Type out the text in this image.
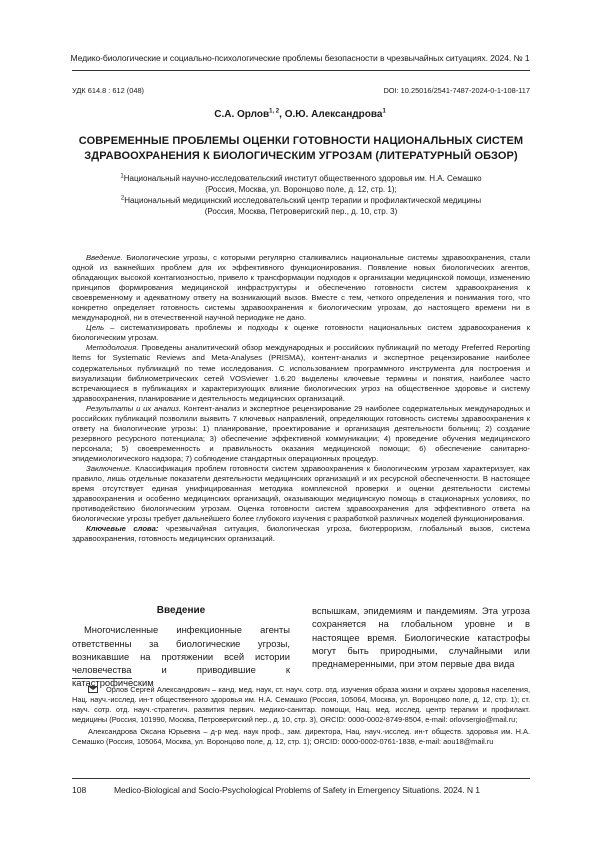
Медико-биологические и социально-психологические проблемы безопасности в чрезвычайных ситуациях. 2024. № 1
УДК 614.8 : 612 (048)	DOI: 10.25016/2541-7487-2024-0-1-108-117
С.А. Орлов$^{1, 2}$, О.Ю. Александрова$^1$
СОВРЕМЕННЫЕ ПРОБЛЕМЫ ОЦЕНКИ ГОТОВНОСТИ НАЦИОНАЛЬНЫХ СИСТЕМ
ЗДРАВООХРАНЕНИЯ К БИОЛОГИЧЕСКИМ УГРОЗАМ (ЛИТЕРАТУРНЫЙ ОБЗОР)
$^1$Национальный научно-исследовательский институт общественного здоровья им. Н.А. Семашко
(Россия, Москва, ул. Воронцово поле, д. 12, стр. 1);
$^2$Национальный медицинский исследовательский центр терапии и профилактической медицины
(Россия, Москва, Петроверигский пер., д. 10, стр. 3)

Введение. Биологические угрозы, с которыми регулярно сталкивались национальные системы здравоохранения, стали одной из важнейших проблем для их эффективного функционирования. Появление новых биологических агентов, обладающих высокой контагиозностью, привело к трансформации подходов к организации медицинской помощи, изменению принципов формирования медицинской инфраструктуры и обеспечению готовности систем здравоохранения к своевременному и адекватному ответу на возникающий вызов. Вместе с тем, четкого определения и понимания того, что конкретно определяет готовность системы здравоохранения к биологическим угрозам, до настоящего времени ни в международной, ни в отечественной научной периодике не дано.

Цель – систематизировать проблемы и подходы к оценке готовности национальных систем здравоохранения к биологическим угрозам.

Методология. Проведены аналитический обзор международных и российских публикаций по методу Preferred Reporting Items for Systematic Reviews and Meta-Analyses (PRISMA), контент-анализ и экспертное рецензирование наиболее содержательных публикаций по теме исследования. С использованием программного инструмента для построения и визуализации библиометрических сетей VOSviewer 1.6.20 выделены ключевые термины и понятия, наиболее часто встречающиеся в публикациях и характеризующих влияние биологических угроз на общественное здоровье и систему здравоохранения, планирование и деятельность медицинских организаций.

Результаты и их анализ. Контент-анализ и экспертное рецензирование 29 наиболее содержательных международных и российских публикаций позволили выявить 7 ключевых направлений, определяющих готовность системы здравоохранения к ответу на биологические угрозы: 1) планирование, проектирование и организация деятельности больниц; 2) создание резервного ресурсного потенциала; 3) обеспечение эффективной коммуникации; 4) проведение обучения медицинского персонала; 5) своевременность и правильность оказания медицинской помощи; 6) обеспечение санитарно-эпидемиологического надзора; 7) соблюдение стандартных операционных процедур.

Заключение. Классификация проблем готовности систем здравоохранения к биологическим угрозам характеризует, как правило, лишь отдельные показатели деятельности медицинских организаций и их ресурсной обеспеченности. В настоящее время отсутствует единая унифицированная методика комплексной проверки и оценки деятельности системы здравоохранения и особенно медицинских организаций, оказывающих медицинскую помощь в стационарных условиях, по противодействию биологическим угрозам. Оценка готовности систем здравоохранения для эффективного ответа на биологические угрозы требует дальнейшего более глубокого изучения с разработкой различных моделей функционирования.

Ключевые слова: чрезвычайная ситуация, биологическая угроза, биотерроризм, глобальный вызов, система здравоохранения, готовность медицинских организаций.

Введение

Многочисленные инфекционные агенты ответственны за биологические угрозы, возникавшие на протяжении всей истории человечества и приводившие к катастрофическим

вспышкам, эпидемиям и пандемиям. Эта угроза сохраняется на глобальном уровне и в настоящее время. Биологические катастрофы могут быть природными, случайными или преднамеренными, при этом первые два вида

Орлов Сергей Александрович – канд. мед. наук, ст. науч. сотр. отд. изучения образа жизни и охраны здоровья населения, Нац. науч.-исслед. ин-т общественного здоровья им. Н.А. Семашко (Россия, 105064, Москва, ул. Воронцово поле, д. 12, стр. 1); ст. науч. сотр. отд. науч.-стратегич. развития первич. медико-санитар. помощи, Нац. мед. исслед. центр терапии и профилакт. медицины (Россия, 101990, Москва, Петроверигский пер., д. 10, стр. 3), ORCID: 0000-0002-8749-8504, e-mail: orlovsergio@mail.ru;

Александрова Оксана Юрьевна – д-р мед. наук проф., зам. директора, Нац. науч.-исслед. ин-т обществ. здоровья им. Н.А. Семашко (Россия, 105064, Москва, ул. Воронцово поле, д. 12, стр. 1); ORCID: 0000-0002-0761-1838, e-mail: aou18@mail.ru

108	Medico-Biological and Socio-Psychological Problems of Safety in Emergency Situations. 2024. N 1
